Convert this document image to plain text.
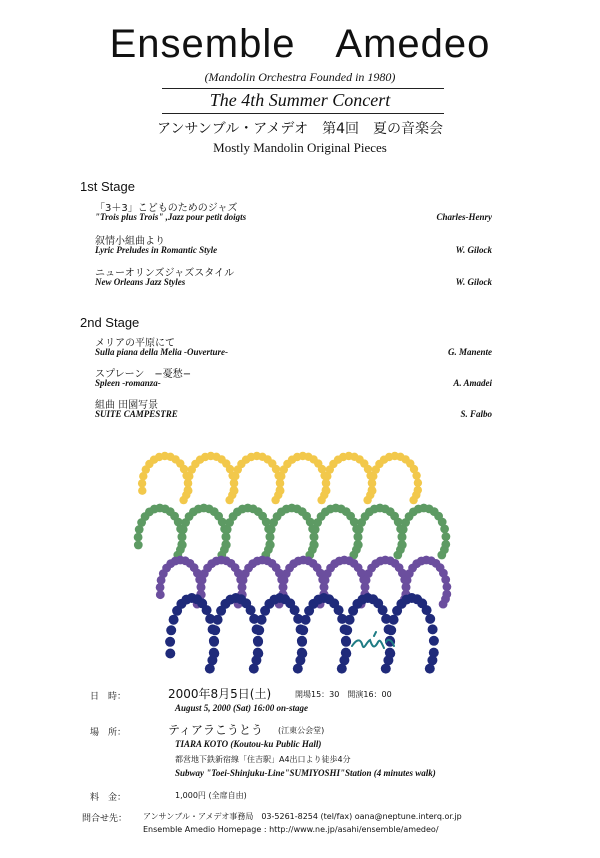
Ensemble Amedeo
(Mandolin Orchestra Founded in 1980)
The 4th Summer Concert
アンサンブル・アメデオ　第4回　夏の音楽会
Mostly Mandolin Original Pieces
1st Stage
「3＋3」こどものためのジャズ
"Trois plus Trois" ,Jazz pour petit doigts	Charles-Henry
叙情小組曲より
Lyric Preludes in Romantic Style	W. Gilock
ニューオリンズジャズスタイル
New Orleans Jazz Styles	W. Gilock
2nd Stage
メリアの平原にて
Sulla piana della Melia -Ouverture-	G. Manente
スプレーン　−憂愁−
Spleen -romanza-	A. Amadei
組曲 田園写景
SUITE CAMPESTRE	S. Falbo
日　時：	2000年8月5日(土)	開場15：30　開演16：00
August 5, 2000 (Sat) 16:00 on-stage
場　所：	ティアラこうとう (江東公会堂)
TIARA KOTO (Koutou-ku Public Hall)
都営地下鉄新宿線「住吉駅」A4出口より徒歩4分
Subway "Toei-Shinjuku-Line"SUMIYOSHI"Station (4 minutes walk)
料　金：	1,000円 (全席自由)
問合せ先： アンサンブル・アメデオ事務局　03-5261-8254 (tel/fax) oana@neptune.interq.or.jp
Ensemble Amedio Homepage : http://www.ne.jp/asahi/ensemble/amedeo/
